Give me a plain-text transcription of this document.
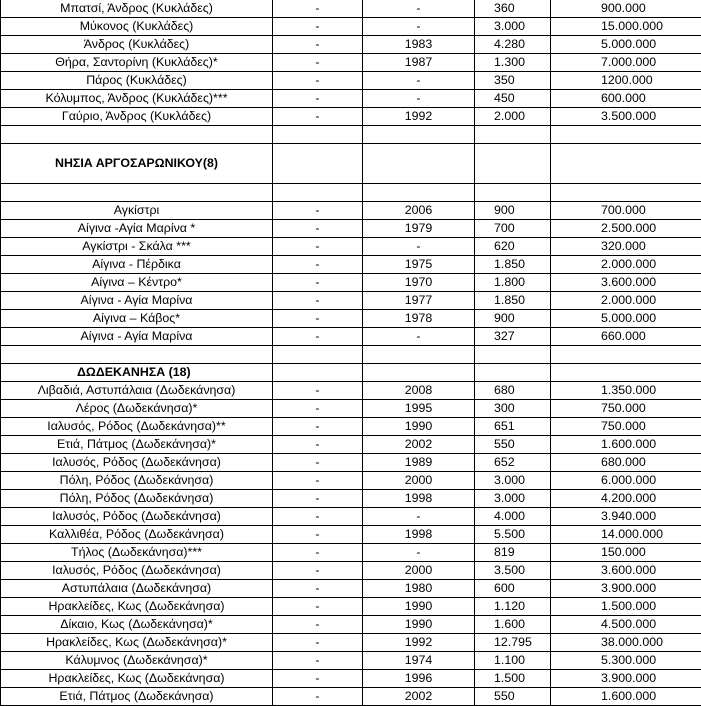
Μπατσί, Άνδρος (Κυκλάδες)	-	-	360	900.000
Μύκονος (Κυκλάδες)	-	-	3.000	15.000.000
Άνδρος (Κυκλάδες)	-	1983	4.280	5.000.000
Θήρα, Σαντορίνη (Κυκλάδες)*	-	1987	1.300	7.000.000
Πάρος (Κυκλάδες)	-	-	350	1200.000
Κόλυμπος, Άνδρος (Κυκλάδες)***	-	-	450	600.000
Γαύριο, Άνδρος (Κυκλάδες)	-	1992	2.000	3.500.000

ΝΗΣΙΑ ΑΡΓΟΣΑΡΩΝΙΚΟΥ(8)				

Αγκίστρι	-	2006	900	700.000
Αίγινα -Αγία Μαρίνα *	-	1979	700	2.500.000
Αγκίστρι - Σκάλα ***	-	-	620	320.000
Αίγινα - Πέρδικα	-	1975	1.850	2.000.000
Αίγινα – Κέντρο*	-	1970	1.800	3.600.000
Αίγινα - Αγία Μαρίνα	-	1977	1.850	2.000.000
Αίγινα – Κάβος*	-	1978	900	5.000.000
Αίγινα - Αγία Μαρίνα	-	-	327	660.000

ΔΩΔΕΚΑΝΗΣΑ (18)				
Λιβαδιά, Αστυπάλαια (Δωδεκάνησα)	-	2008	680	1.350.000
Λέρος (Δωδεκάνησα)*	-	1995	300	750.000
Ιαλυσός, Ρόδος (Δωδεκάνησα)**	-	1990	651	750.000
Ετιά, Πάτμος (Δωδεκάνησα)*	-	2002	550	1.600.000
Ιαλυσός, Ρόδος (Δωδεκάνησα)	-	1989	652	680.000
Πόλη, Ρόδος (Δωδεκάνησα)	-	2000	3.000	6.000.000
Πόλη, Ρόδος (Δωδεκάνησα)	-	1998	3.000	4.200.000
Ιαλυσός, Ρόδος (Δωδεκάνησα)	-	-	4.000	3.940.000
Καλλιθέα, Ρόδος (Δωδεκάνησα)	-	1998	5.500	14.000.000
Τήλος (Δωδεκάνησα)***	-	-	819	150.000
Ιαλυσός, Ρόδος (Δωδεκάνησα)	-	2000	3.500	3.600.000
Αστυπάλαια (Δωδεκάνησα)	-	1980	600	3.900.000
Ηρακλείδες, Κως (Δωδεκάνησα)	-	1990	1.120	1.500.000
Δίκαιο, Κως (Δωδεκάνησα)*	-	1990	1.600	4.500.000
Ηρακλείδες, Κως (Δωδεκάνησα)*	-	1992	12.795	38.000.000
Κάλυμνος (Δωδεκάνησα)*	-	1974	1.100	5.300.000
Ηρακλείδες, Κως (Δωδεκάνησα)	-	1996	1.500	3.900.000
Ετιά, Πάτμος (Δωδεκάνησα)	-	2002	550	1.600.000
